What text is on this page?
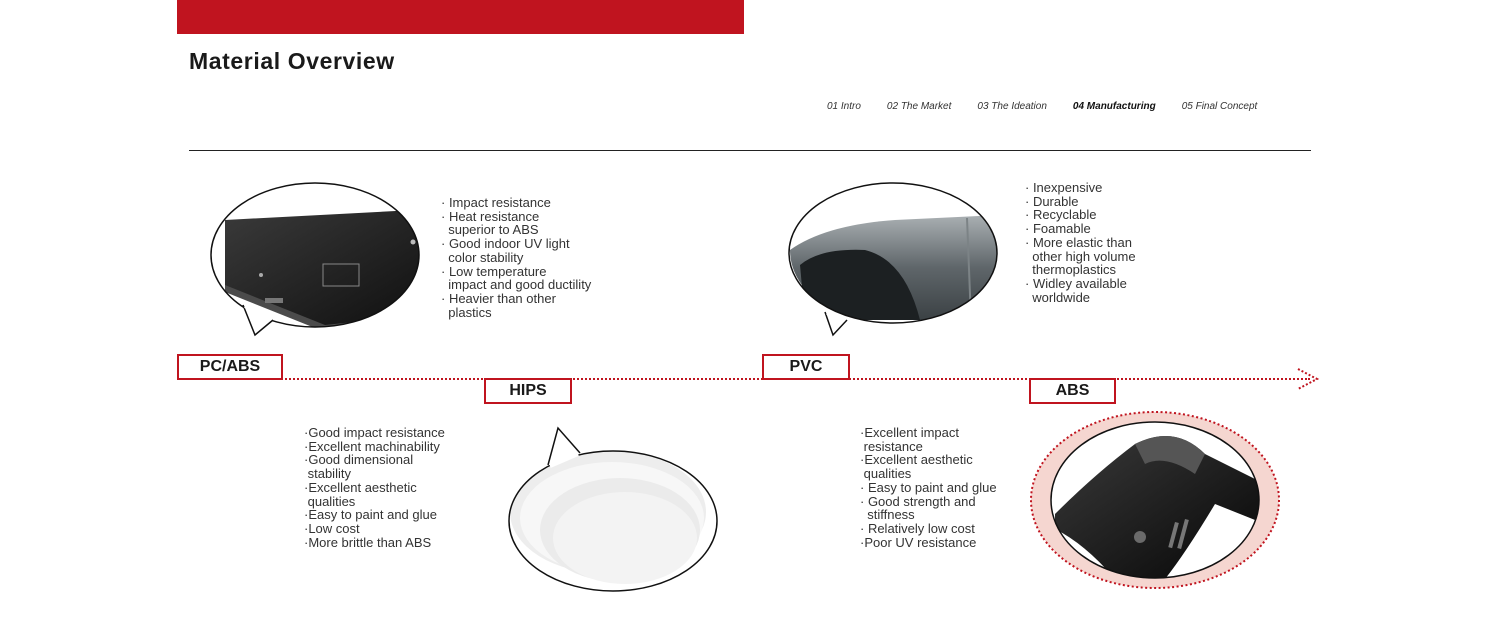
Material Overview
01 Intro	02 The Market	03 The Ideation	04 Manufacturing	05 Final Concept
· Impact resistance
· Heat resistance
superior to ABS
· Good indoor UV light
color stability
· Low temperature
impact and good ductility
· Heavier than other
plastics
· Inexpensive
· Durable
· Recyclable
· Foamable
· More elastic than
other high volume
thermoplastics
· Widley available
worldwide
PC/ABS
HIPS
PVC
ABS
·Good impact resistance
·Excellent machinability
·Good dimensional
stability
·Excellent aesthetic
qualities
·Easy to paint and glue
·Low cost
·More brittle than ABS
·Excellent impact
resistance
·Excellent aesthetic
qualities
· Easy to paint and glue
· Good strength and
stiffness
· Relatively low cost
·Poor UV resistance
